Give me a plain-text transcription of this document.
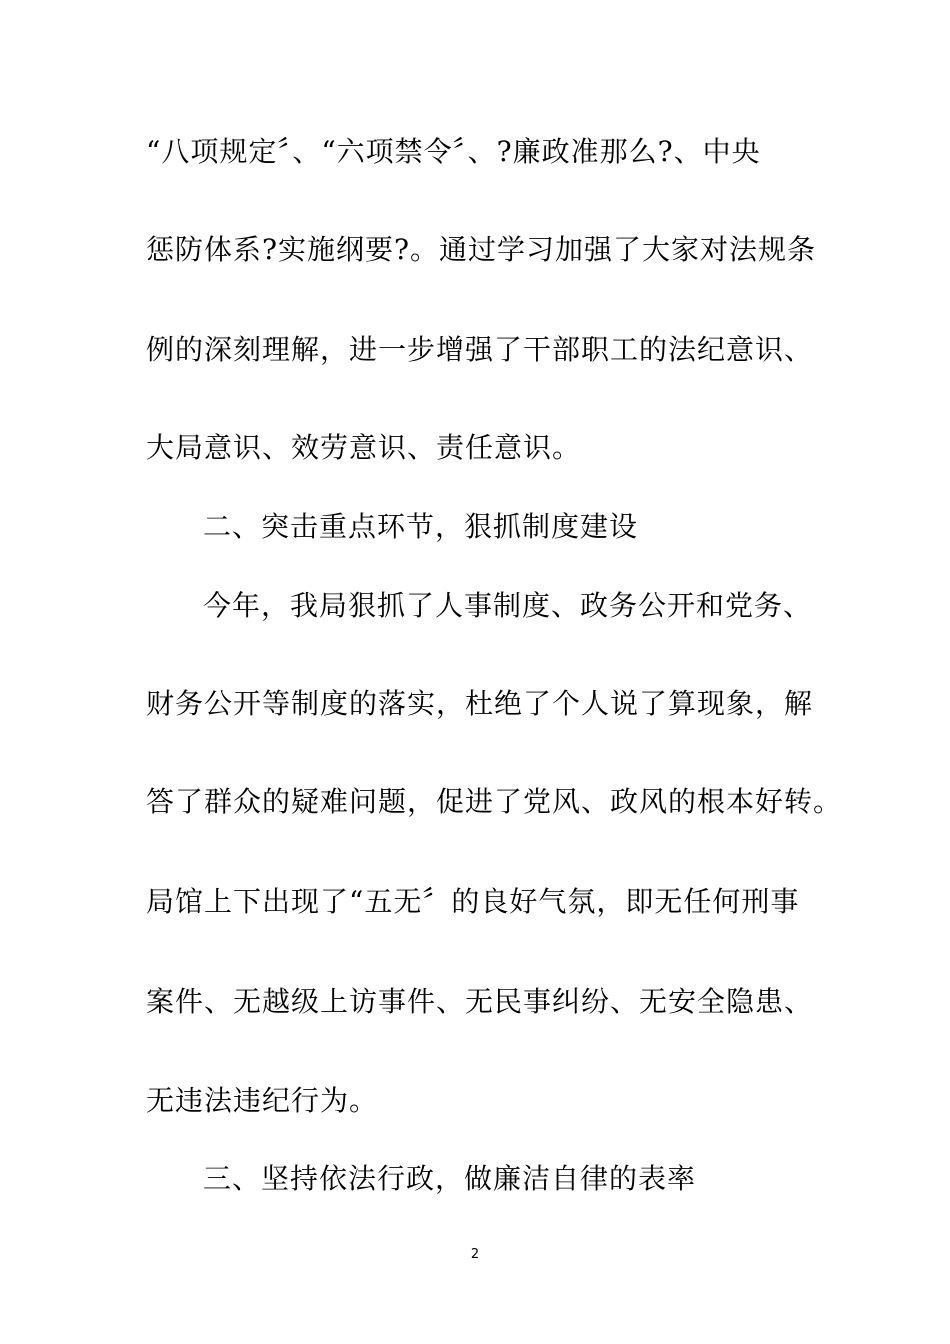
“八项规定〞、“六项禁令〞、?廉政准那么?、中央
惩防体系?实施纲要?。通过学习加强了大家对法规条
例的深刻理解，进一步增强了干部职工的法纪意识、
大局意识、效劳意识、责任意识。
二、突击重点环节，狠抓制度建设
今年，我局狠抓了人事制度、政务公开和党务、
财务公开等制度的落实，杜绝了个人说了算现象，解
答了群众的疑难问题，促进了党风、政风的根本好转。
局馆上下出现了“五无〞的良好气氛，即无任何刑事
案件、无越级上访事件、无民事纠纷、无安全隐患、
无违法违纪行为。
三、坚持依法行政，做廉洁自律的表率
2
